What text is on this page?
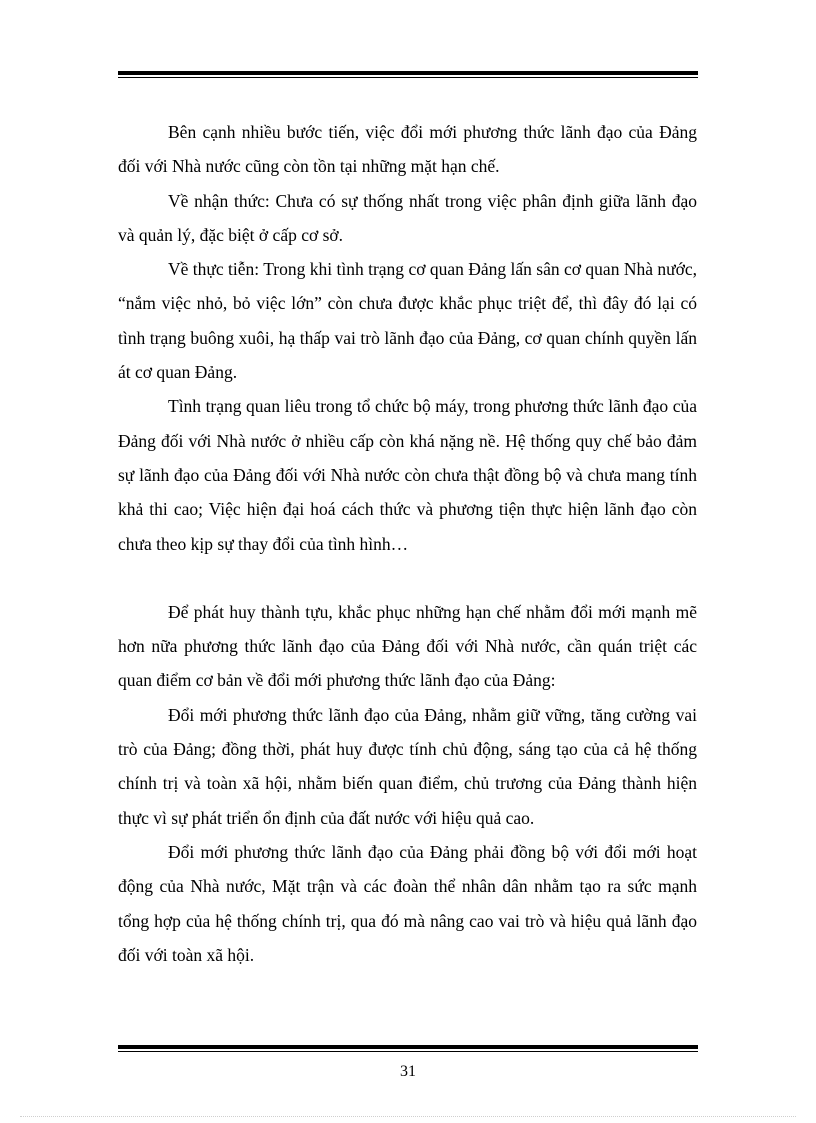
Bên cạnh nhiều bước tiến, việc đổi mới phương thức lãnh đạo của Đảng đối với Nhà nước cũng còn tồn tại những mặt hạn chế.

Về nhận thức: Chưa có sự thống nhất trong việc phân định giữa lãnh đạo và quản lý, đặc biệt ở cấp cơ sở.

Về thực tiễn: Trong khi tình trạng cơ quan Đảng lấn sân cơ quan Nhà nước, “nắm việc nhỏ, bỏ việc lớn” còn chưa được khắc phục triệt để, thì đây đó lại có tình trạng buông xuôi, hạ thấp vai trò lãnh đạo của Đảng, cơ quan chính quyền lấn át cơ quan Đảng.

Tình trạng quan liêu trong tổ chức bộ máy, trong phương thức lãnh đạo của Đảng đối với Nhà nước ở nhiều cấp còn khá nặng nề. Hệ thống quy chế bảo đảm sự lãnh đạo của Đảng đối với Nhà nước còn chưa thật đồng bộ và chưa mang tính khả thi cao; Việc hiện đại hoá cách thức và phương tiện thực hiện lãnh đạo còn chưa theo kịp sự thay đổi của tình hình…

Để phát huy thành tựu, khắc phục những hạn chế nhằm đổi mới mạnh mẽ hơn nữa phương thức lãnh đạo của Đảng đối với Nhà nước, cần quán triệt các quan điểm cơ bản về đổi mới phương thức lãnh đạo của Đảng:

Đổi mới phương thức lãnh đạo của Đảng, nhằm giữ vững, tăng cường vai trò của Đảng; đồng thời, phát huy được tính chủ động, sáng tạo của cả hệ thống chính trị và toàn xã hội, nhằm biến quan điểm, chủ trương của Đảng thành hiện thực vì sự phát triển ổn định của đất nước với hiệu quả cao.

Đổi mới phương thức lãnh đạo của Đảng phải đồng bộ với đổi mới hoạt động của Nhà nước, Mặt trận và các đoàn thể nhân dân nhằm tạo ra sức mạnh tổng hợp của hệ thống chính trị, qua đó mà nâng cao vai trò và hiệu quả lãnh đạo đối với toàn xã hội.

31
